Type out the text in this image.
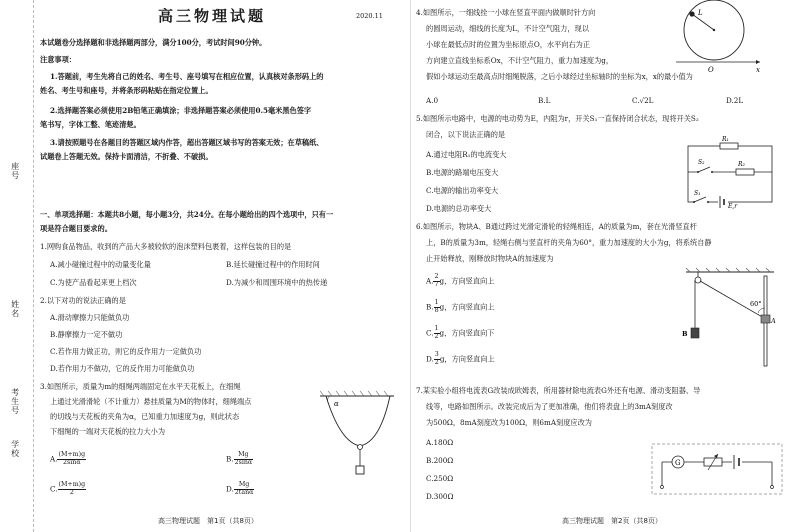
座号
姓名
考生号
学校
高三物理试题	2020.11
本试题卷分选择题和非选择题两部分，满分100分，考试时间90分钟。
注意事项：
1.答题前，考生先将自己的姓名、考生号、座号填写在相应位置，认真核对条形码上的
姓名、考生号和座号，并将条形码粘贴在指定位置上。
2.选择题答案必须使用2B铅笔正确填涂；非选择题答案必须使用0.5毫米黑色签字
笔书写，字体工整、笔迹清楚。
3.请按照题号在各题目的答题区域内作答，超出答题区域书写的答案无效；在草稿纸、
试题卷上答题无效。保持卡面清洁，不折叠、不破损。
一、单项选择题：本题共8小题，每小题3分，共24分。在每小题给出的四个选项中，只有一
项是符合题目要求的。
1.网购食品物品，收到的产品大多被较软的泡沫塑料包裹着，这样包装的目的是
A.减小碰撞过程中的动量变化量	B.延长碰撞过程中的作用时间
C.为使产品看起来更上档次	D.为减少和周围环境中的热传递
2.以下对功的说法正确的是
A.滑动摩擦力只能做负功
B.静摩擦力一定不做功
C.若作用力做正功，则它的反作用力一定做负功
D.若作用力不做功，它的反作用力可能做负功
3.如图所示，质量为m的细绳两端固定在水平天花板上，在细绳
上通过光滑滑轮（不计重力）悬挂质量为M的物体时，细绳端点
的切线与天花板的夹角为α，已知重力加速度为g，则此状态
下细绳的一端对天花板的拉力大小为
A. $\frac{(M+m)g}{2\sin\alpha}$	B. $\frac{Mg}{2\sin\alpha}$
C. $\frac{(M+m)g}{2}$	D. $\frac{Mg}{2\tan\alpha}$
α
高三物理试题　第1页（共8页）
4.如图所示，一细线拴一小球在竖直平面内做顺时针方向
的圆周运动，细线的长度为L，不计空气阻力，现以
小球在最低点时的位置为坐标原点O，水平向右为正
方向建立直线坐标系Ox，不计空气阻力，重力加速度为g，
假如小球运动至最高点时细绳脱落，之后小球经过坐标轴时的坐标为x，x的最小值为
A.0	B.L	C.√2L	D.2L
L
O	x
5.如图所示电路中，电源的电动势为E，内阻为r，开关S₁一直保持闭合状态，现将开关S₂
闭合，以下说法正确的是
A.通过电阻R₁的电流变大
B.电源的路端电压变大
C.电源的输出功率变大
D.电源的总功率变大
R₁
S₂	R₂
S₁
E,r
6.如图所示，物块A、B通过跨过光滑定滑轮的轻绳相连，A的质量为m，套在光滑竖直杆
上，B的质量为3m，轻绳右侧与竖直杆的夹角为60°，重力加速度的大小为g，将系统自静
止开始释放，刚释放时物块A的加速度为
A. $\frac{2}{7}$ g，方向竖直向上
B. $\frac{1}{8}$ g，方向竖直向上
C. $\frac{1}{2}$ g，方向竖直向下
D. $\frac{3}{2}$ g，方向竖直向上
B
60°
A
7.某实验小组将电流表G改装成欧姆表，所用器材除电流表G外还有电源、滑动变阻器、导
线等，电路如图所示。改装完成后为了更加准确，他们将表盘上的3mA刻度改
为500Ω，8mA刻度改为100Ω，则6mA刻度应改为
A.180Ω
B.200Ω
C.250Ω
D.300Ω
G
高三物理试题　第2页（共8页）
